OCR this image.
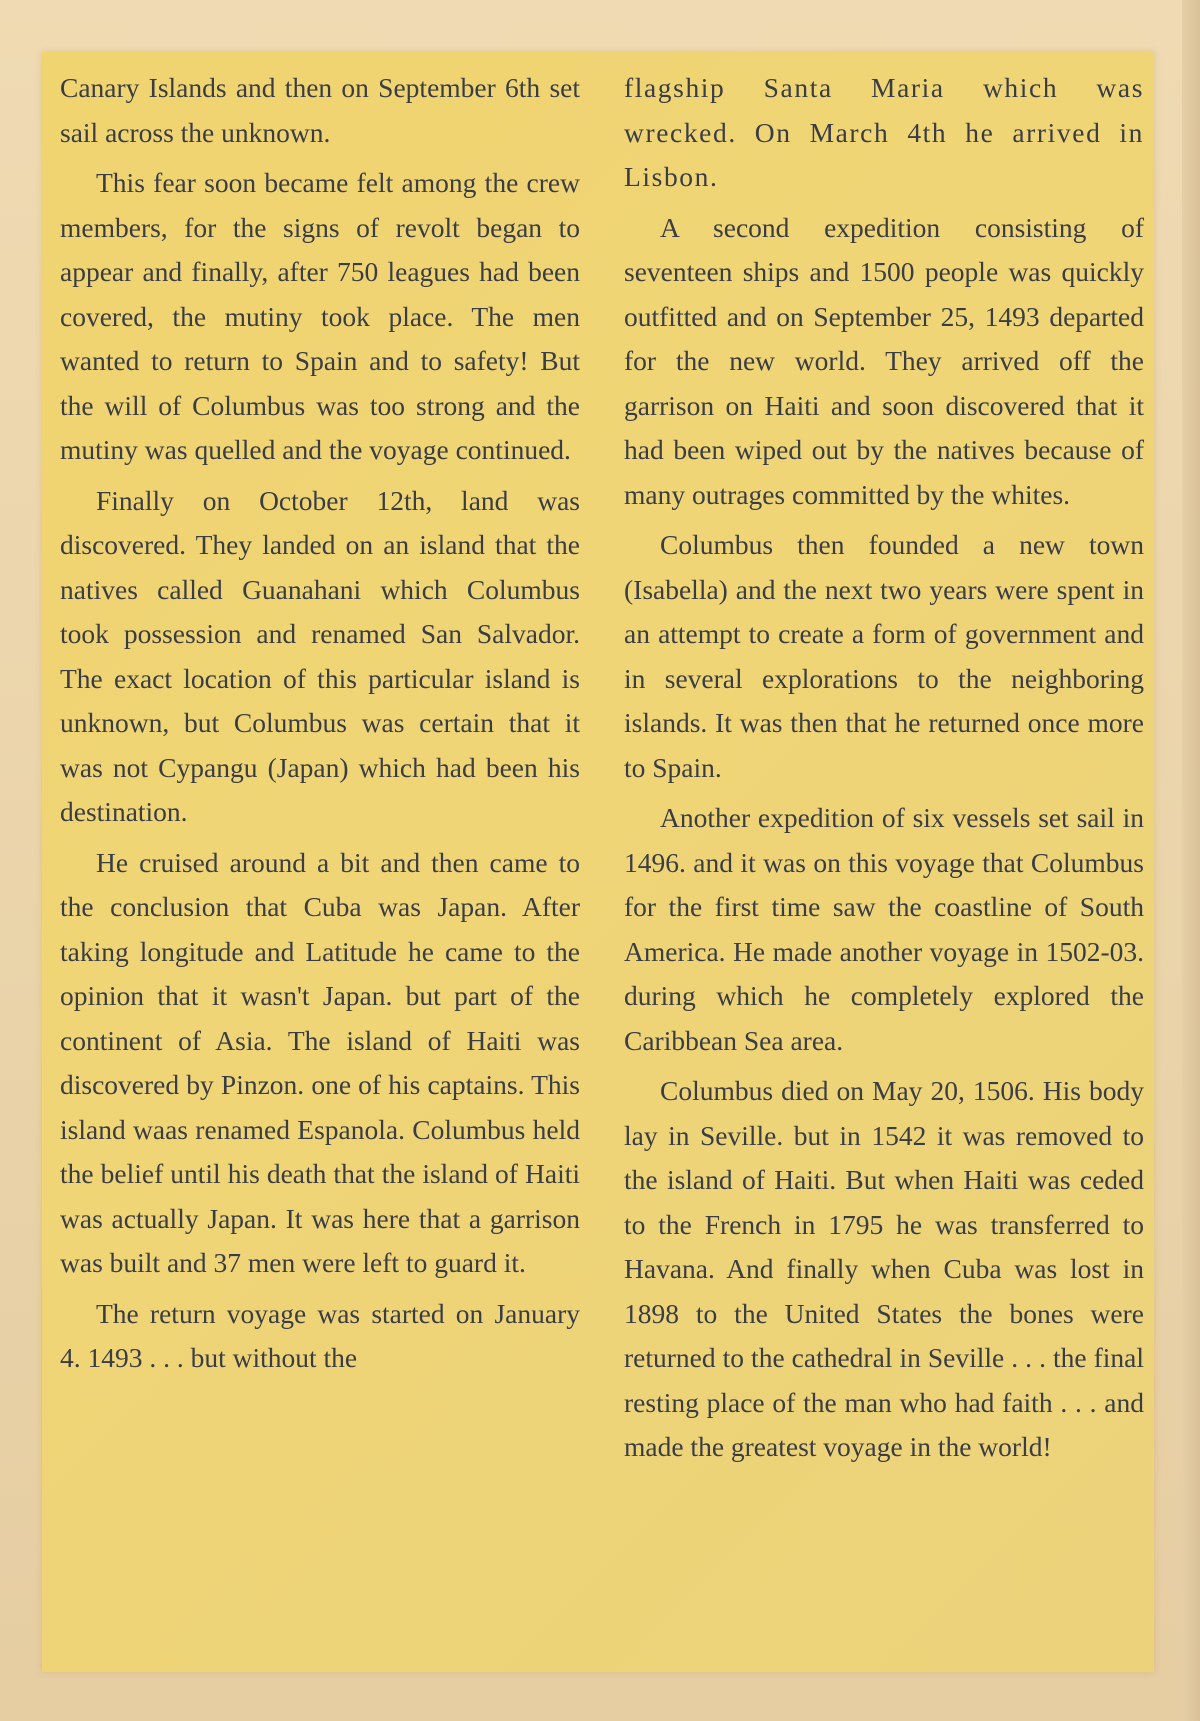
Canary Islands and then on September 6th set sail across the unknown.

This fear soon became felt among the crew members, for the signs of revolt began to appear and finally, after 750 leagues had been covered, the mutiny took place. The men wanted to return to Spain and to safety! But the will of Columbus was too strong and the mutiny was quelled and the voyage continued.

Finally on October 12th, land was discovered. They landed on an island that the natives called Guanahani which Columbus took possession and renamed San Salvador. The exact location of this particular island is unknown, but Columbus was certain that it was not Cypangu (Japan) which had been his destination.

He cruised around a bit and then came to the conclusion that Cuba was Japan. After taking longitude and Latitude he came to the opinion that it wasn't Japan. but part of the continent of Asia. The island of Haiti was discovered by Pinzon. one of his captains. This island waas renamed Espanola. Columbus held the belief until his death that the island of Haiti was actually Japan. It was here that a garrison was built and 37 men were left to guard it.

The return voyage was started on January 4. 1493 . . . but without the

flagship Santa Maria which was wrecked. On March 4th he arrived in Lisbon.

A second expedition consisting of seventeen ships and 1500 people was quickly outfitted and on September 25, 1493 departed for the new world. They arrived off the garrison on Haiti and soon discovered that it had been wiped out by the natives because of many outrages committed by the whites.

Columbus then founded a new town (Isabella) and the next two years were spent in an attempt to create a form of government and in several explorations to the neighboring islands. It was then that he returned once more to Spain.

Another expedition of six vessels set sail in 1496. and it was on this voyage that Columbus for the first time saw the coastline of South America. He made another voyage in 1502-03. during which he completely explored the Caribbean Sea area.

Columbus died on May 20, 1506. His body lay in Seville. but in 1542 it was removed to the island of Haiti. But when Haiti was ceded to the French in 1795 he was transferred to Havana. And finally when Cuba was lost in 1898 to the United States the bones were returned to the cathedral in Seville . . . the final resting place of the man who had faith . . . and made the greatest voyage in the world!
